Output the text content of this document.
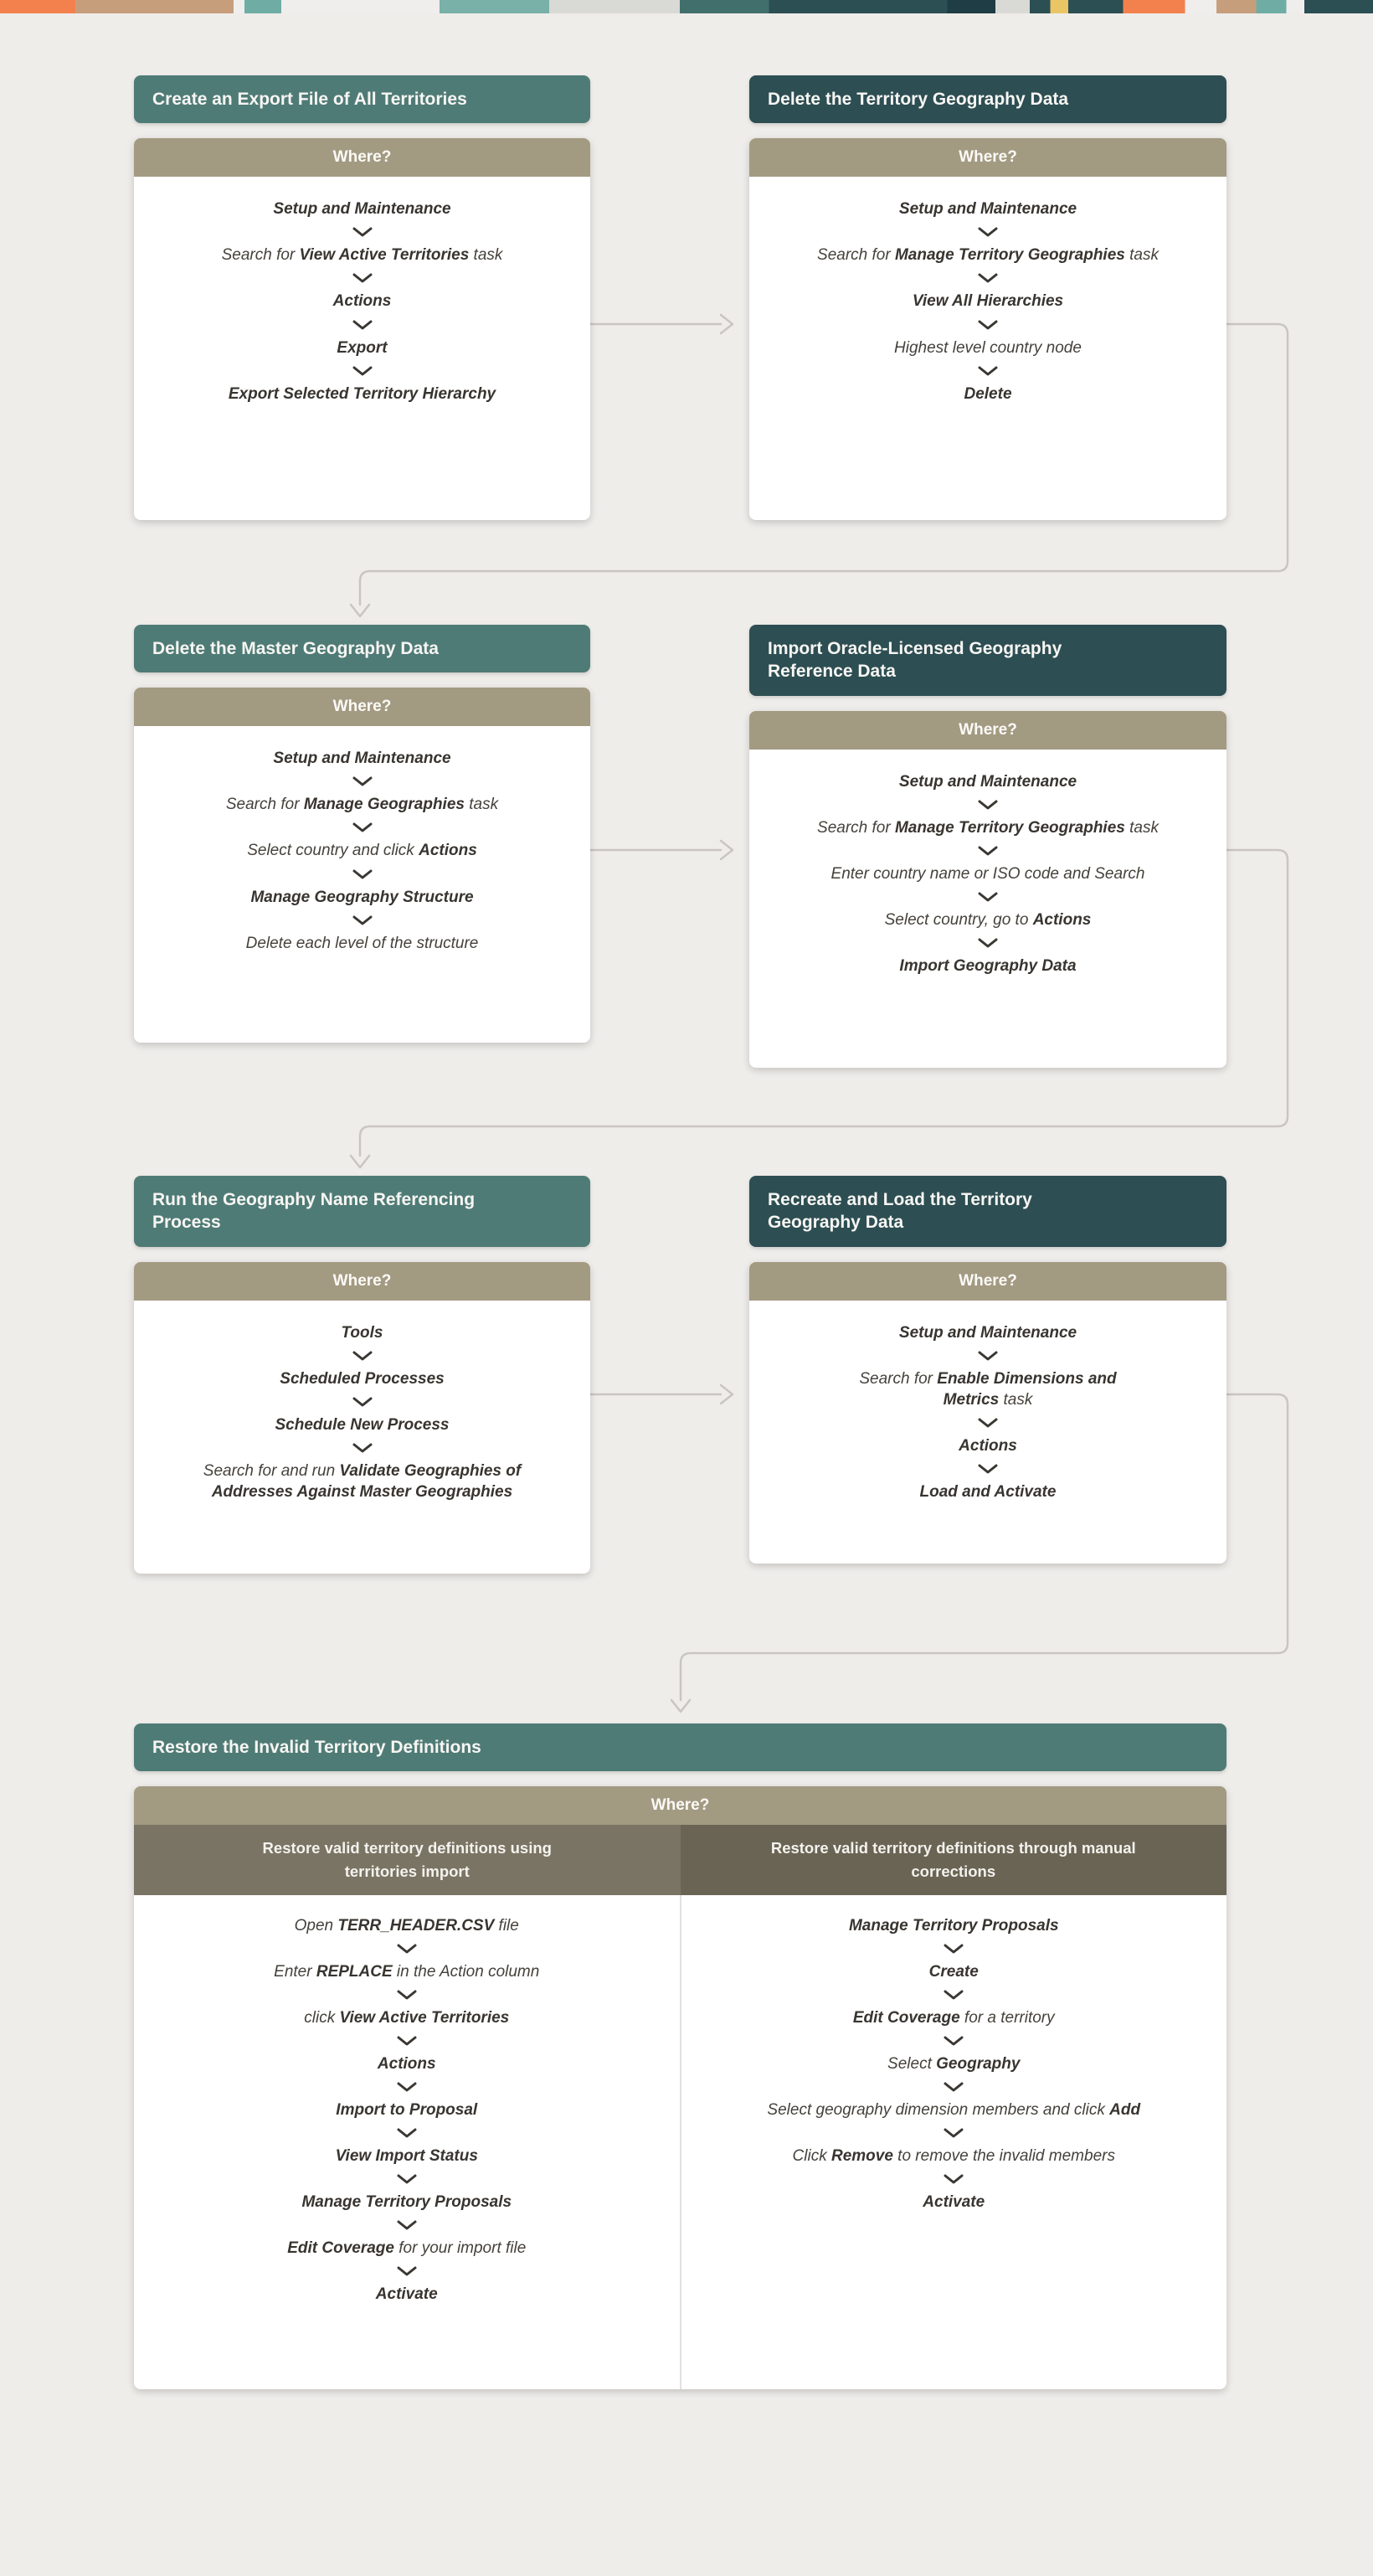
Create an Export File of All Territories
Where?
Setup and Maintenance
Search for View Active Territories task
Actions
Export
Export Selected Territory Hierarchy
Delete the Territory Geography Data
Where?
Setup and Maintenance
Search for Manage Territory Geographies task
View All Hierarchies
Highest level country node
Delete
Delete the Master Geography Data
Where?
Setup and Maintenance
Search for Manage Geographies task
Select country and click Actions
Manage Geography Structure
Delete each level of the structure
Import Oracle-Licensed Geography Reference Data
Where?
Setup and Maintenance
Search for Manage Territory Geographies task
Enter country name or ISO code and Search
Select country, go to Actions
Import Geography Data
Run the Geography Name Referencing Process
Where?
Tools
Scheduled Processes
Schedule New Process
Search for and run Validate Geographies of Addresses Against Master Geographies
Recreate and Load the Territory Geography Data
Where?
Setup and Maintenance
Search for Enable Dimensions and Metrics task
Actions
Load and Activate
Restore the Invalid Territory Definitions
Where?
Restore valid territory definitions using territories import
Restore valid territory definitions through manual corrections
Open TERR_HEADER.CSV file
Enter REPLACE in the Action column
click View Active Territories
Actions
Import to Proposal
View Import Status
Manage Territory Proposals
Edit Coverage for your import file
Activate
Manage Territory Proposals
Create
Edit Coverage for a territory
Select Geography
Select geography dimension members and click Add
Click Remove to remove the invalid members
Activate
